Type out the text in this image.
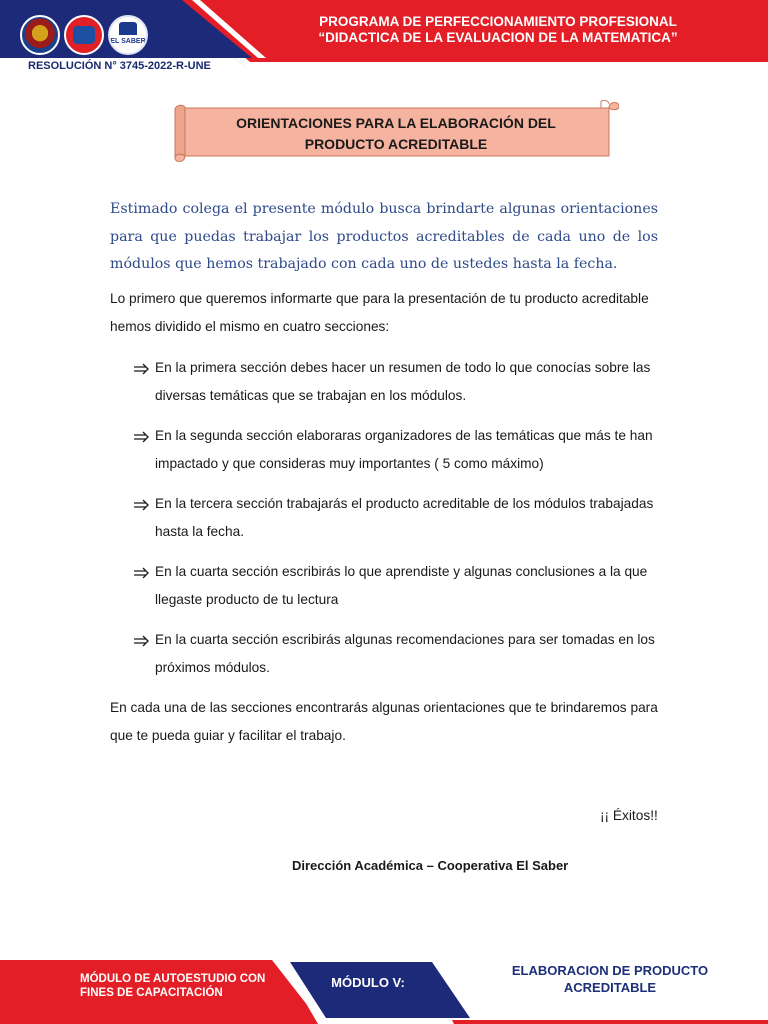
EL SABER
RESOLUCIÓN N° 3745-2022-R-UNE
PROGRAMA DE PERFECCIONAMIENTO PROFESIONAL
“DIDACTICA DE LA EVALUACION DE LA MATEMATICA”
ORIENTACIONES PARA LA ELABORACIÓN DEL
PRODUCTO ACREDITABLE
Estimado colega el presente módulo busca brindarte algunas orientaciones para que puedas trabajar los productos acreditables de cada uno de los módulos que hemos trabajado con cada uno de ustedes hasta la fecha.
Lo primero que queremos informarte que para la presentación de tu producto acreditable hemos dividido el mismo en cuatro secciones:
En la primera sección debes hacer un resumen de todo lo que conocías sobre las diversas temáticas que se trabajan en los módulos.
En la segunda sección elaboraras organizadores de las temáticas que más te han impactado y que consideras muy importantes ( 5 como máximo)
En la tercera sección trabajarás el producto acreditable de los módulos trabajadas hasta la fecha.
En la cuarta sección escribirás lo que aprendiste y algunas conclusiones a la que llegaste producto de tu lectura
En la cuarta sección escribirás algunas recomendaciones para ser tomadas en los próximos módulos.
En cada una de las secciones encontrarás algunas orientaciones que te brindaremos para que te pueda guiar y facilitar el trabajo.
¡¡ Éxitos!!
Dirección Académica – Cooperativa El Saber
MÓDULO DE AUTOESTUDIO CON
FINES DE CAPACITACIÓN
MÓDULO V:
ELABORACION DE PRODUCTO
ACREDITABLE
